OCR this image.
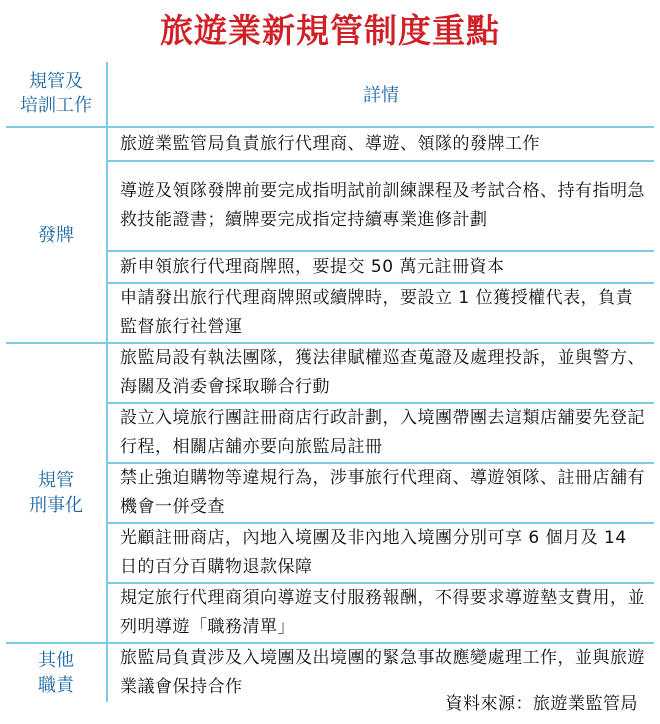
旅遊業新規管制度重點
規管及
培訓工作	詳情
發牌
旅遊業監管局負責旅行代理商、導遊、領隊的發牌工作
導遊及領隊發牌前要完成指明試前訓練課程及考試合格、持有指明急救技能證書；續牌要完成指定持續專業進修計劃
新申領旅行代理商牌照，要提交 50 萬元註冊資本
申請發出旅行代理商牌照或續牌時，要設立 1 位獲授權代表，負責監督旅行社營運
規管
刑事化
旅監局設有執法團隊，獲法律賦權巡查蒐證及處理投訴，並與警方、海關及消委會採取聯合行動
設立入境旅行團註冊商店行政計劃，入境團帶團去這類店舖要先登記行程，相關店舖亦要向旅監局註冊
禁止強迫購物等違規行為，涉事旅行代理商、導遊領隊、註冊店舖有機會一併受查
光顧註冊商店，內地入境團及非內地入境團分別可享 6 個月及 14 日的百分百購物退款保障
規定旅行代理商須向導遊支付服務報酬，不得要求導遊墊支費用，並列明導遊「職務清單」
其他
職責
旅監局負責涉及入境團及出境團的緊急事故應變處理工作，並與旅遊業議會保持合作
資料來源：旅遊業監管局
